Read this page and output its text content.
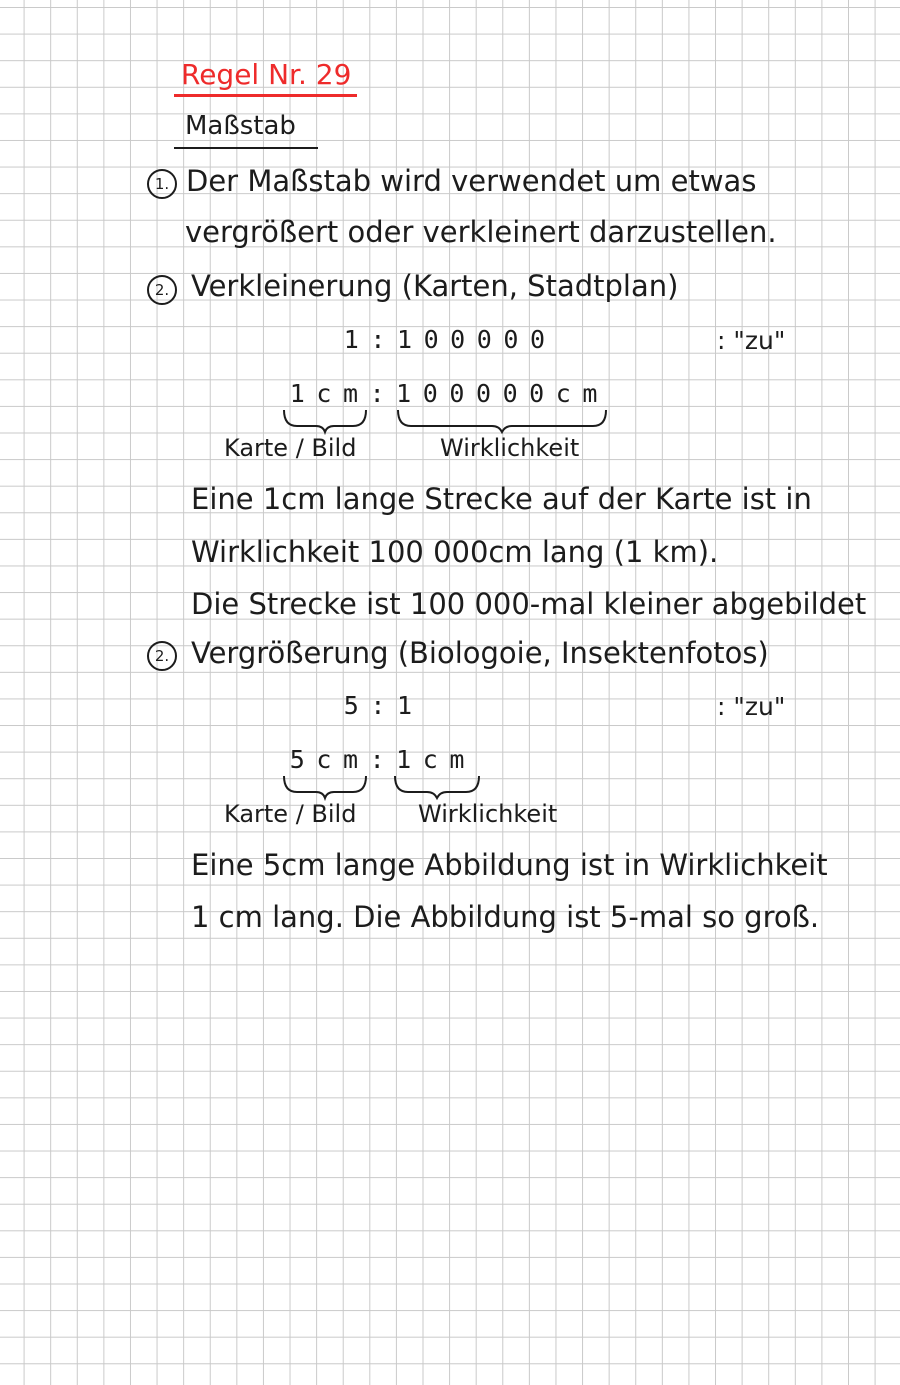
Regel Nr. 29
Maßstab
1. Der Maßstab wird verwendet um etwas
vergrößert oder verkleinert darzustellen.
2. Verkleinerung (Karten, Stadtplan)
1 : 1 0 0 0 0 0	: "zu"
1 c m : 1 0 0 0 0 0 c m
Karte / Bild	Wirklichkeit
Eine 1cm lange Strecke auf der Karte ist in
Wirklichkeit 100 000cm lang (1 km).
Die Strecke ist 100 000-mal kleiner abgebildet
2. Vergrößerung (Biologoie, Insektenfotos)
5 : 1	: "zu"
5 c m : 1 c m
Karte / Bild	Wirklichkeit
Eine 5cm lange Abbildung ist in Wirklichkeit
1 cm lang. Die Abbildung ist 5-mal so groß.
